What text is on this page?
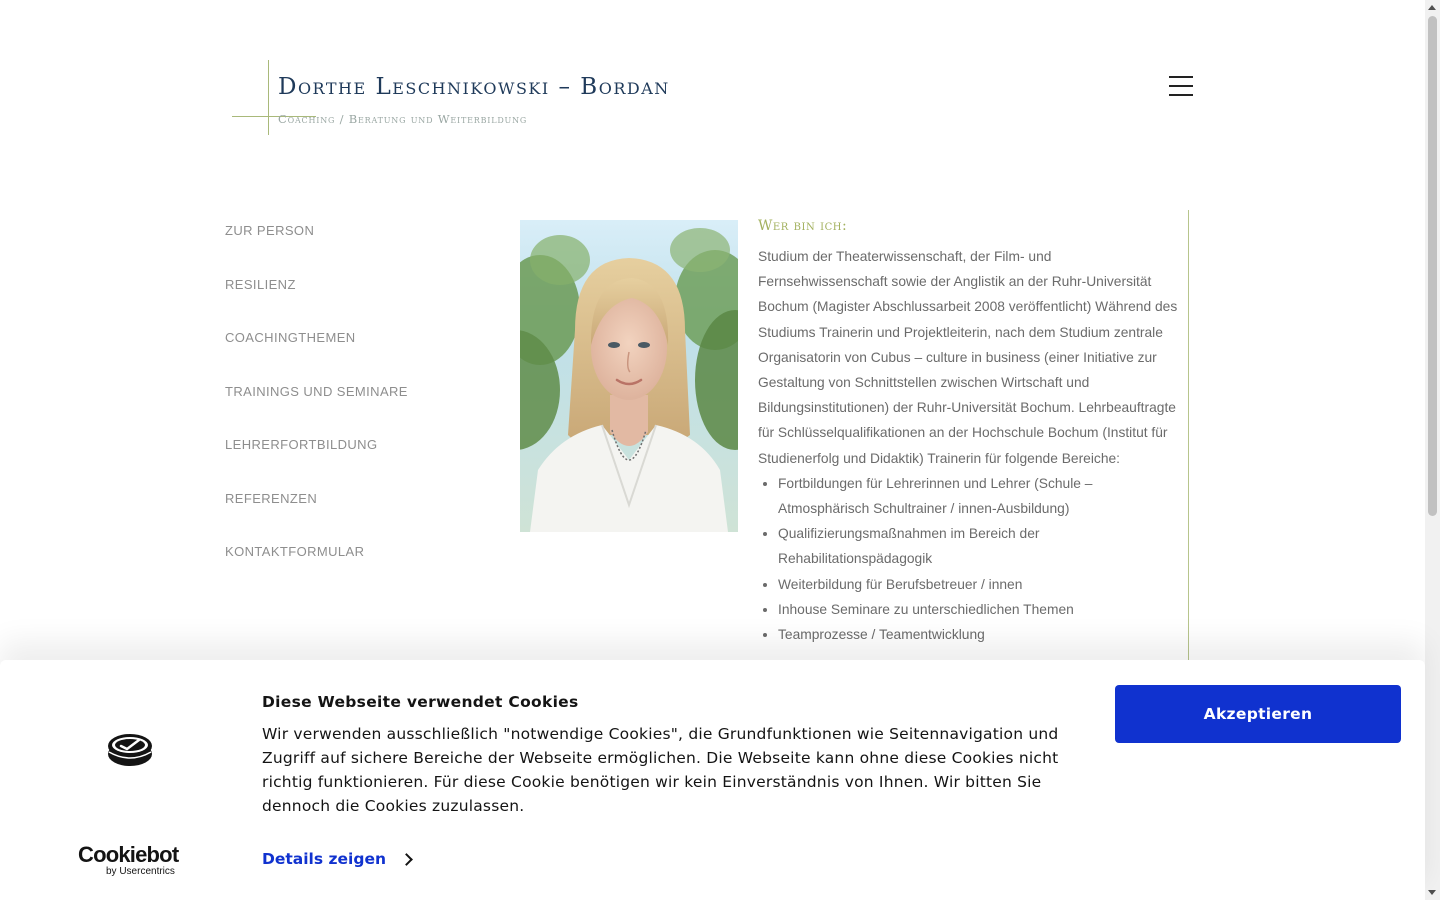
Dorthe Leschnikowski – Bordan
Coaching / Beratung und Weiterbildung
ZUR PERSON
RESILIENZ
COACHINGTHEMEN
TRAININGS UND SEMINARE
LEHRERFORTBILDUNG
REFERENZEN
KONTAKTFORMULAR
Wer bin ich:

Studium der Theaterwissenschaft, der Film- und Fernsehwissenschaft sowie der Anglistik an der Ruhr-Universität Bochum (Magister Abschlussarbeit 2008 veröffentlicht) Während des Studiums Trainerin und Projektleiterin, nach dem Studium zentrale Organisatorin von Cubus – culture in business (einer Initiative zur Gestaltung von Schnittstellen zwischen Wirtschaft und Bildungsinstitutionen) der Ruhr-Universität Bochum. Lehrbeauftragte für Schlüsselqualifikationen an der Hochschule Bochum (Institut für Studienerfolg und Didaktik) Trainerin für folgende Bereiche:

• Fortbildungen für Lehrerinnen und Lehrer (Schule – Atmosphärisch Schultrainer / innen-Ausbildung)
• Qualifizierungsmaßnahmen im Bereich der Rehabilitationspädagogik
• Weiterbildung für Berufsbetreuer / innen
• Inhouse Seminare zu unterschiedlichen Themen
• Teamprozesse / Teamentwicklung
Cookiebot
by Usercentrics
Diese Webseite verwendet Cookies
Wir verwenden ausschließlich "notwendige Cookies", die Grundfunktionen wie Seitennavigation und Zugriff auf sichere Bereiche der Webseite ermöglichen. Die Webseite kann ohne diese Cookies nicht richtig funktionieren. Für diese Cookie benötigen wir kein Einverständnis von Ihnen. Wir bitten Sie dennoch die Cookies zuzulassen.
Details zeigen
Akzeptieren
